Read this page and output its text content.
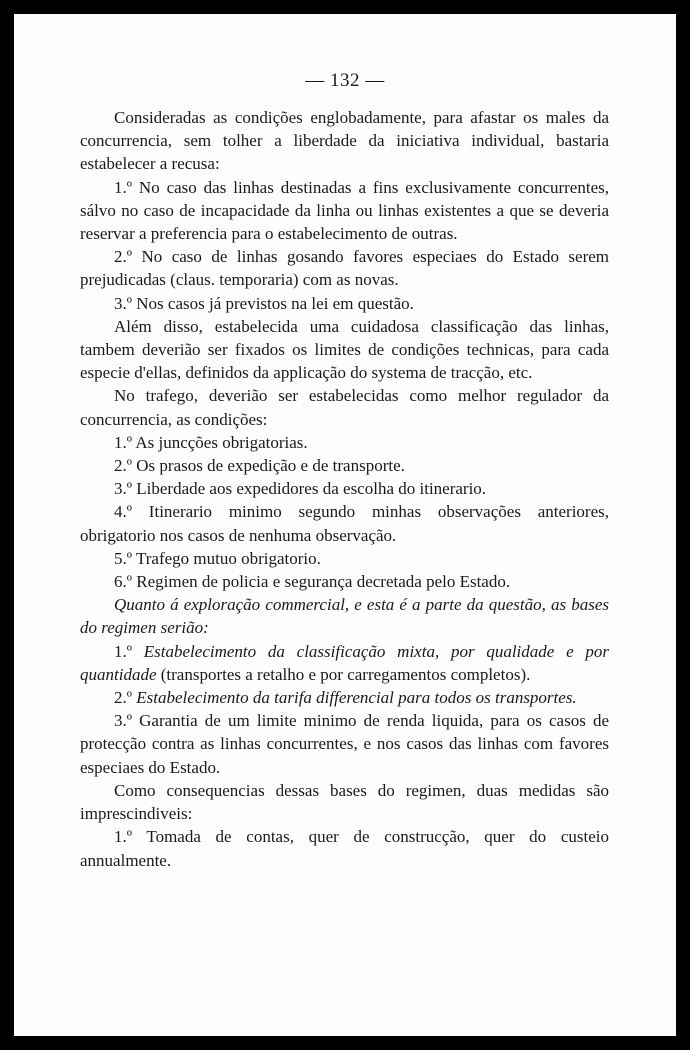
— 132 —

Consideradas as condições englobadamente, para afastar os males da concurrencia, sem tolher a liberdade da iniciativa individual, bastaria estabelecer a recusa:

1.º No caso das linhas destinadas a fins exclusivamente concurrentes, sálvo no caso de incapacidade da linha ou linhas existentes a que se deveria reservar a preferencia para o estabelecimento de outras.

2.º No caso de linhas gosando favores especiaes do Estado serem prejudicadas (claus. temporaria) com as novas.

3.º Nos casos já previstos na lei em questão.

Além disso, estabelecida uma cuidadosa classificação das linhas, tambem deverião ser fixados os limites de condições technicas, para cada especie d'ellas, definidos da applicação do systema de tracção, etc.

No trafego, deverião ser estabelecidas como melhor regulador da concurrencia, as condições:

1.º As juncções obrigatorias.

2.º Os prasos de expedição e de transporte.

3.º Liberdade aos expedidores da escolha do itinerario.

4.º Itinerario minimo segundo minhas observações anteriores, obrigatorio nos casos de nenhuma observação.

5.º Trafego mutuo obrigatorio.

6.º Regimen de policia e segurança decretada pelo Estado.

Quanto á exploração commercial, e esta é a parte da questão, as bases do regimen serião:

1.º Estabelecimento da classificação mixta, por qualidade e por quantidade (transportes a retalho e por carregamentos completos).

2.º Estabelecimento da tarifa differencial para todos os transportes.

3.º Garantia de um limite minimo de renda liquida, para os casos de protecção contra as linhas concurrentes, e nos casos das linhas com favores especiaes do Estado.

Como consequencias dessas bases do regimen, duas medidas são imprescindiveis:

1.º Tomada de contas, quer de construcção, quer do custeio annualmente.
